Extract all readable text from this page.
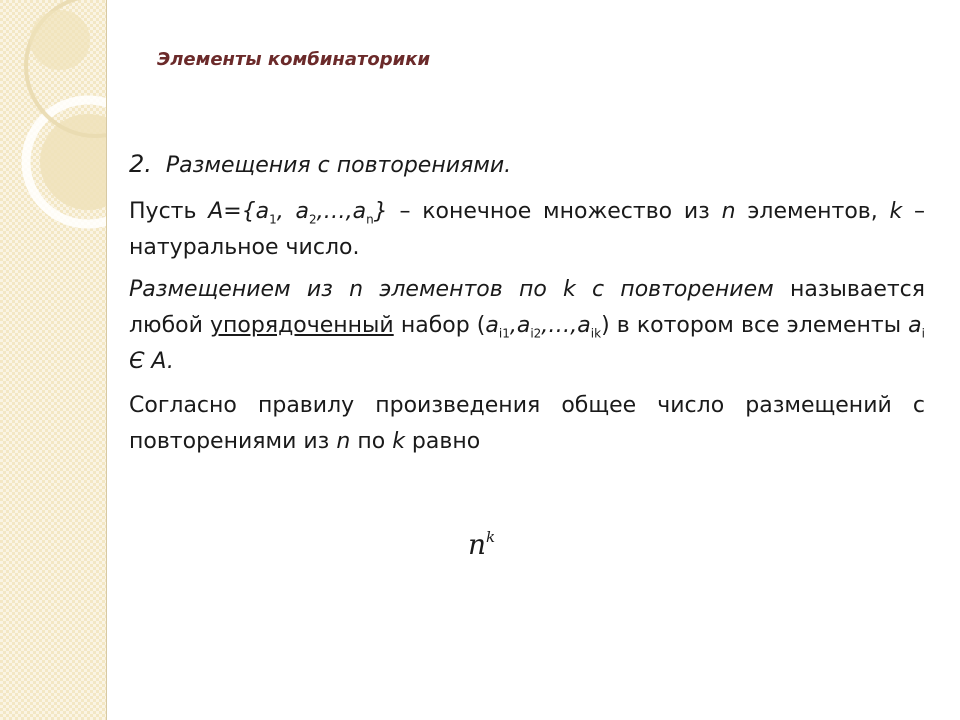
Элементы комбинаторики

2. Размещения с повторениями.

Пусть $A=\{a_1$, $a_2,\dots,a_n$} – конечное множество из n элементов, k – натуральное число.

Размещением из n элементов по k с повторением называется любой упорядоченный набор $(a_{i1},a_{i2},\dots,a_{ik})$ в котором все элементы $a_i$ Є A.

Согласно правилу произведения общее число размещений с повторениями из n по k равно

$n^k$
